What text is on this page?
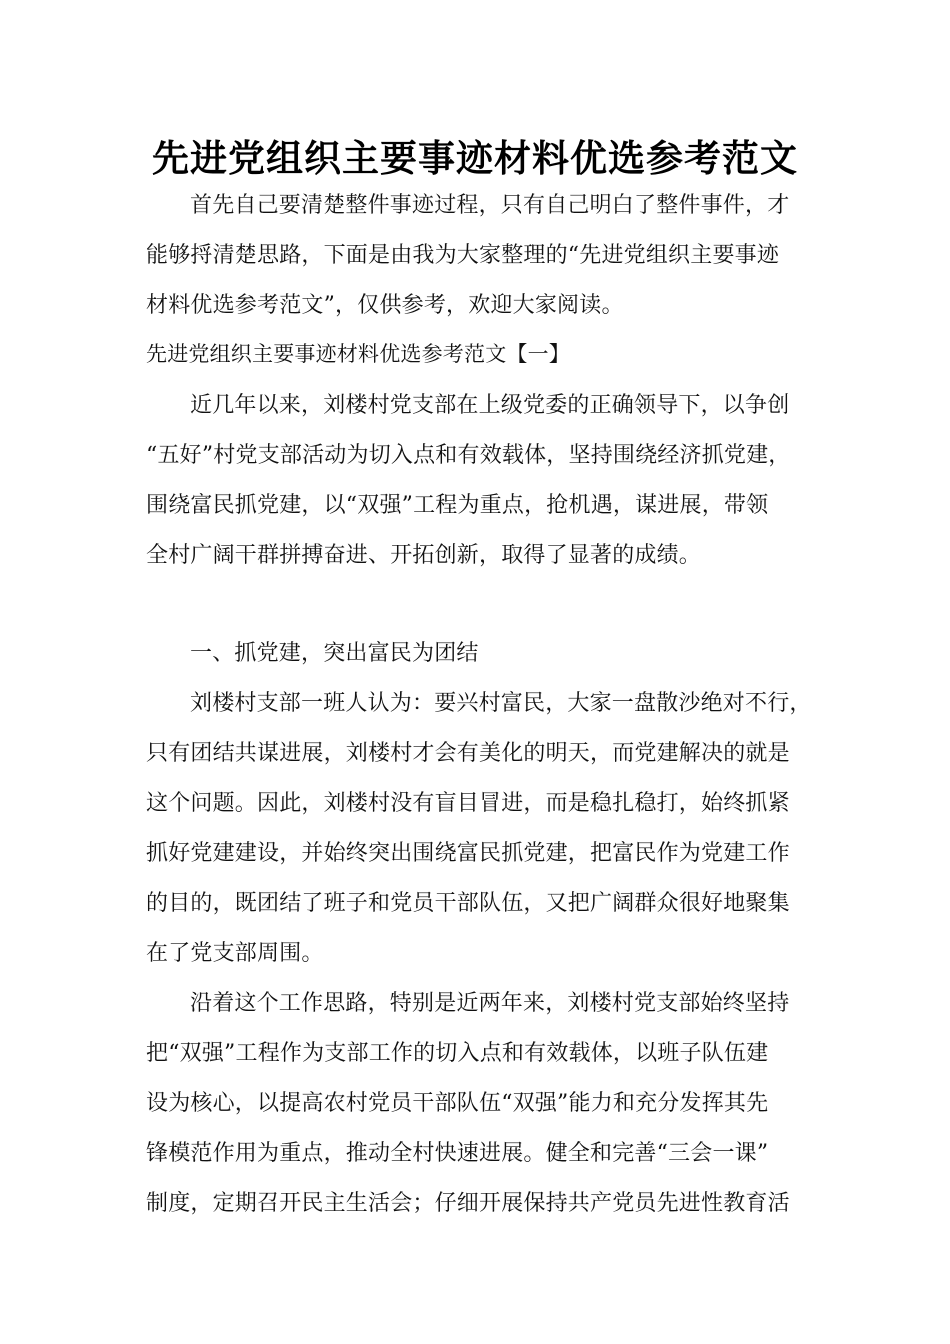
先进党组织主要事迹材料优选参考范文
首先自己要清楚整件事迹过程，只有自己明白了整件事件，才
能够捋清楚思路，下面是由我为大家整理的“先进党组织主要事迹
材料优选参考范文”，仅供参考，欢迎大家阅读。
先进党组织主要事迹材料优选参考范文【一】
近几年以来，刘楼村党支部在上级党委的正确领导下，以争创
“五好”村党支部活动为切入点和有效载体，坚持围绕经济抓党建，
围绕富民抓党建，以“双强”工程为重点，抢机遇，谋进展，带领
全村广阔干群拼搏奋进、开拓创新，取得了显著的成绩。
一、抓党建，突出富民为团结
刘楼村支部一班人认为：要兴村富民，大家一盘散沙绝对不行，
只有团结共谋进展，刘楼村才会有美化的明天，而党建解决的就是
这个问题。因此，刘楼村没有盲目冒进，而是稳扎稳打，始终抓紧
抓好党建建设，并始终突出围绕富民抓党建，把富民作为党建工作
的目的，既团结了班子和党员干部队伍，又把广阔群众很好地聚集
在了党支部周围。
沿着这个工作思路，特别是近两年来，刘楼村党支部始终坚持
把“双强”工程作为支部工作的切入点和有效载体，以班子队伍建
设为核心，以提高农村党员干部队伍“双强”能力和充分发挥其先
锋模范作用为重点，推动全村快速进展。健全和完善“三会一课”
制度，定期召开民主生活会；仔细开展保持共产党员先进性教育活
